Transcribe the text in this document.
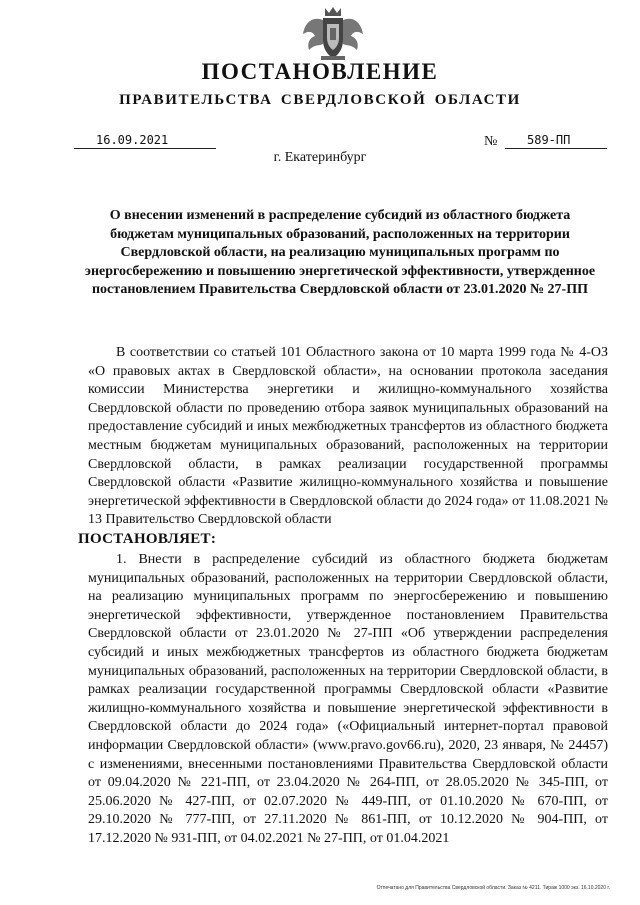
ПОСТАНОВЛЕНИЕ
ПРАВИТЕЛЬСТВА СВЕРДЛОВСКОЙ ОБЛАСТИ
16.09.2021	№	589-ПП
г. Екатеринбург
О внесении изменений в распределение субсидий из областного бюджета бюджетам муниципальных образований, расположенных на территории Свердловской области, на реализацию муниципальных программ по энергосбережению и повышению энергетической эффективности, утвержденное постановлением Правительства Свердловской области от 23.01.2020 № 27-ПП

В соответствии со статьей 101 Областного закона от 10 марта 1999 года № 4-ОЗ «О правовых актах в Свердловской области», на основании протокола заседания комиссии Министерства энергетики и жилищно-коммунального хозяйства Свердловской области по проведению отбора заявок муниципальных образований на предоставление субсидий и иных межбюджетных трансфертов из областного бюджета местным бюджетам муниципальных образований, расположенных на территории Свердловской области, в рамках реализации государственной программы Свердловской области «Развитие жилищно-коммунального хозяйства и повышение энергетической эффективности в Свердловской области до 2024 года» от 11.08.2021 № 13 Правительство Свердловской области

ПОСТАНОВЛЯЕТ:

1. Внести в распределение субсидий из областного бюджета бюджетам муниципальных образований, расположенных на территории Свердловской области, на реализацию муниципальных программ по энергосбережению и повышению энергетической эффективности, утвержденное постановлением Правительства Свердловской области от 23.01.2020 № 27-ПП «Об утверждении распределения субсидий и иных межбюджетных трансфертов из областного бюджета бюджетам муниципальных образований, расположенных на территории Свердловской области, в рамках реализации государственной программы Свердловской области «Развитие жилищно-коммунального хозяйства и повышение энергетической эффективности в Свердловской области до 2024 года» («Официальный интернет-портал правовой информации Свердловской области» (www.pravo.gov66.ru), 2020, 23 января, № 24457) с изменениями, внесенными постановлениями Правительства Свердловской области от 09.04.2020 № 221-ПП, от 23.04.2020 № 264-ПП, от 28.05.2020 № 345-ПП, от 25.06.2020 № 427-ПП, от 02.07.2020 № 449-ПП, от 01.10.2020 № 670-ПП, от 29.10.2020 № 777-ПП, от 27.11.2020 № 861-ПП, от 10.12.2020 № 904-ПП, от 17.12.2020 № 931-ПП, от 04.02.2021 № 27-ПП, от 01.04.2021

Отпечатано для Правительства Свердловской области. Заказ № 4211. Тираж 1000 экз. 16.10.2020 г.
